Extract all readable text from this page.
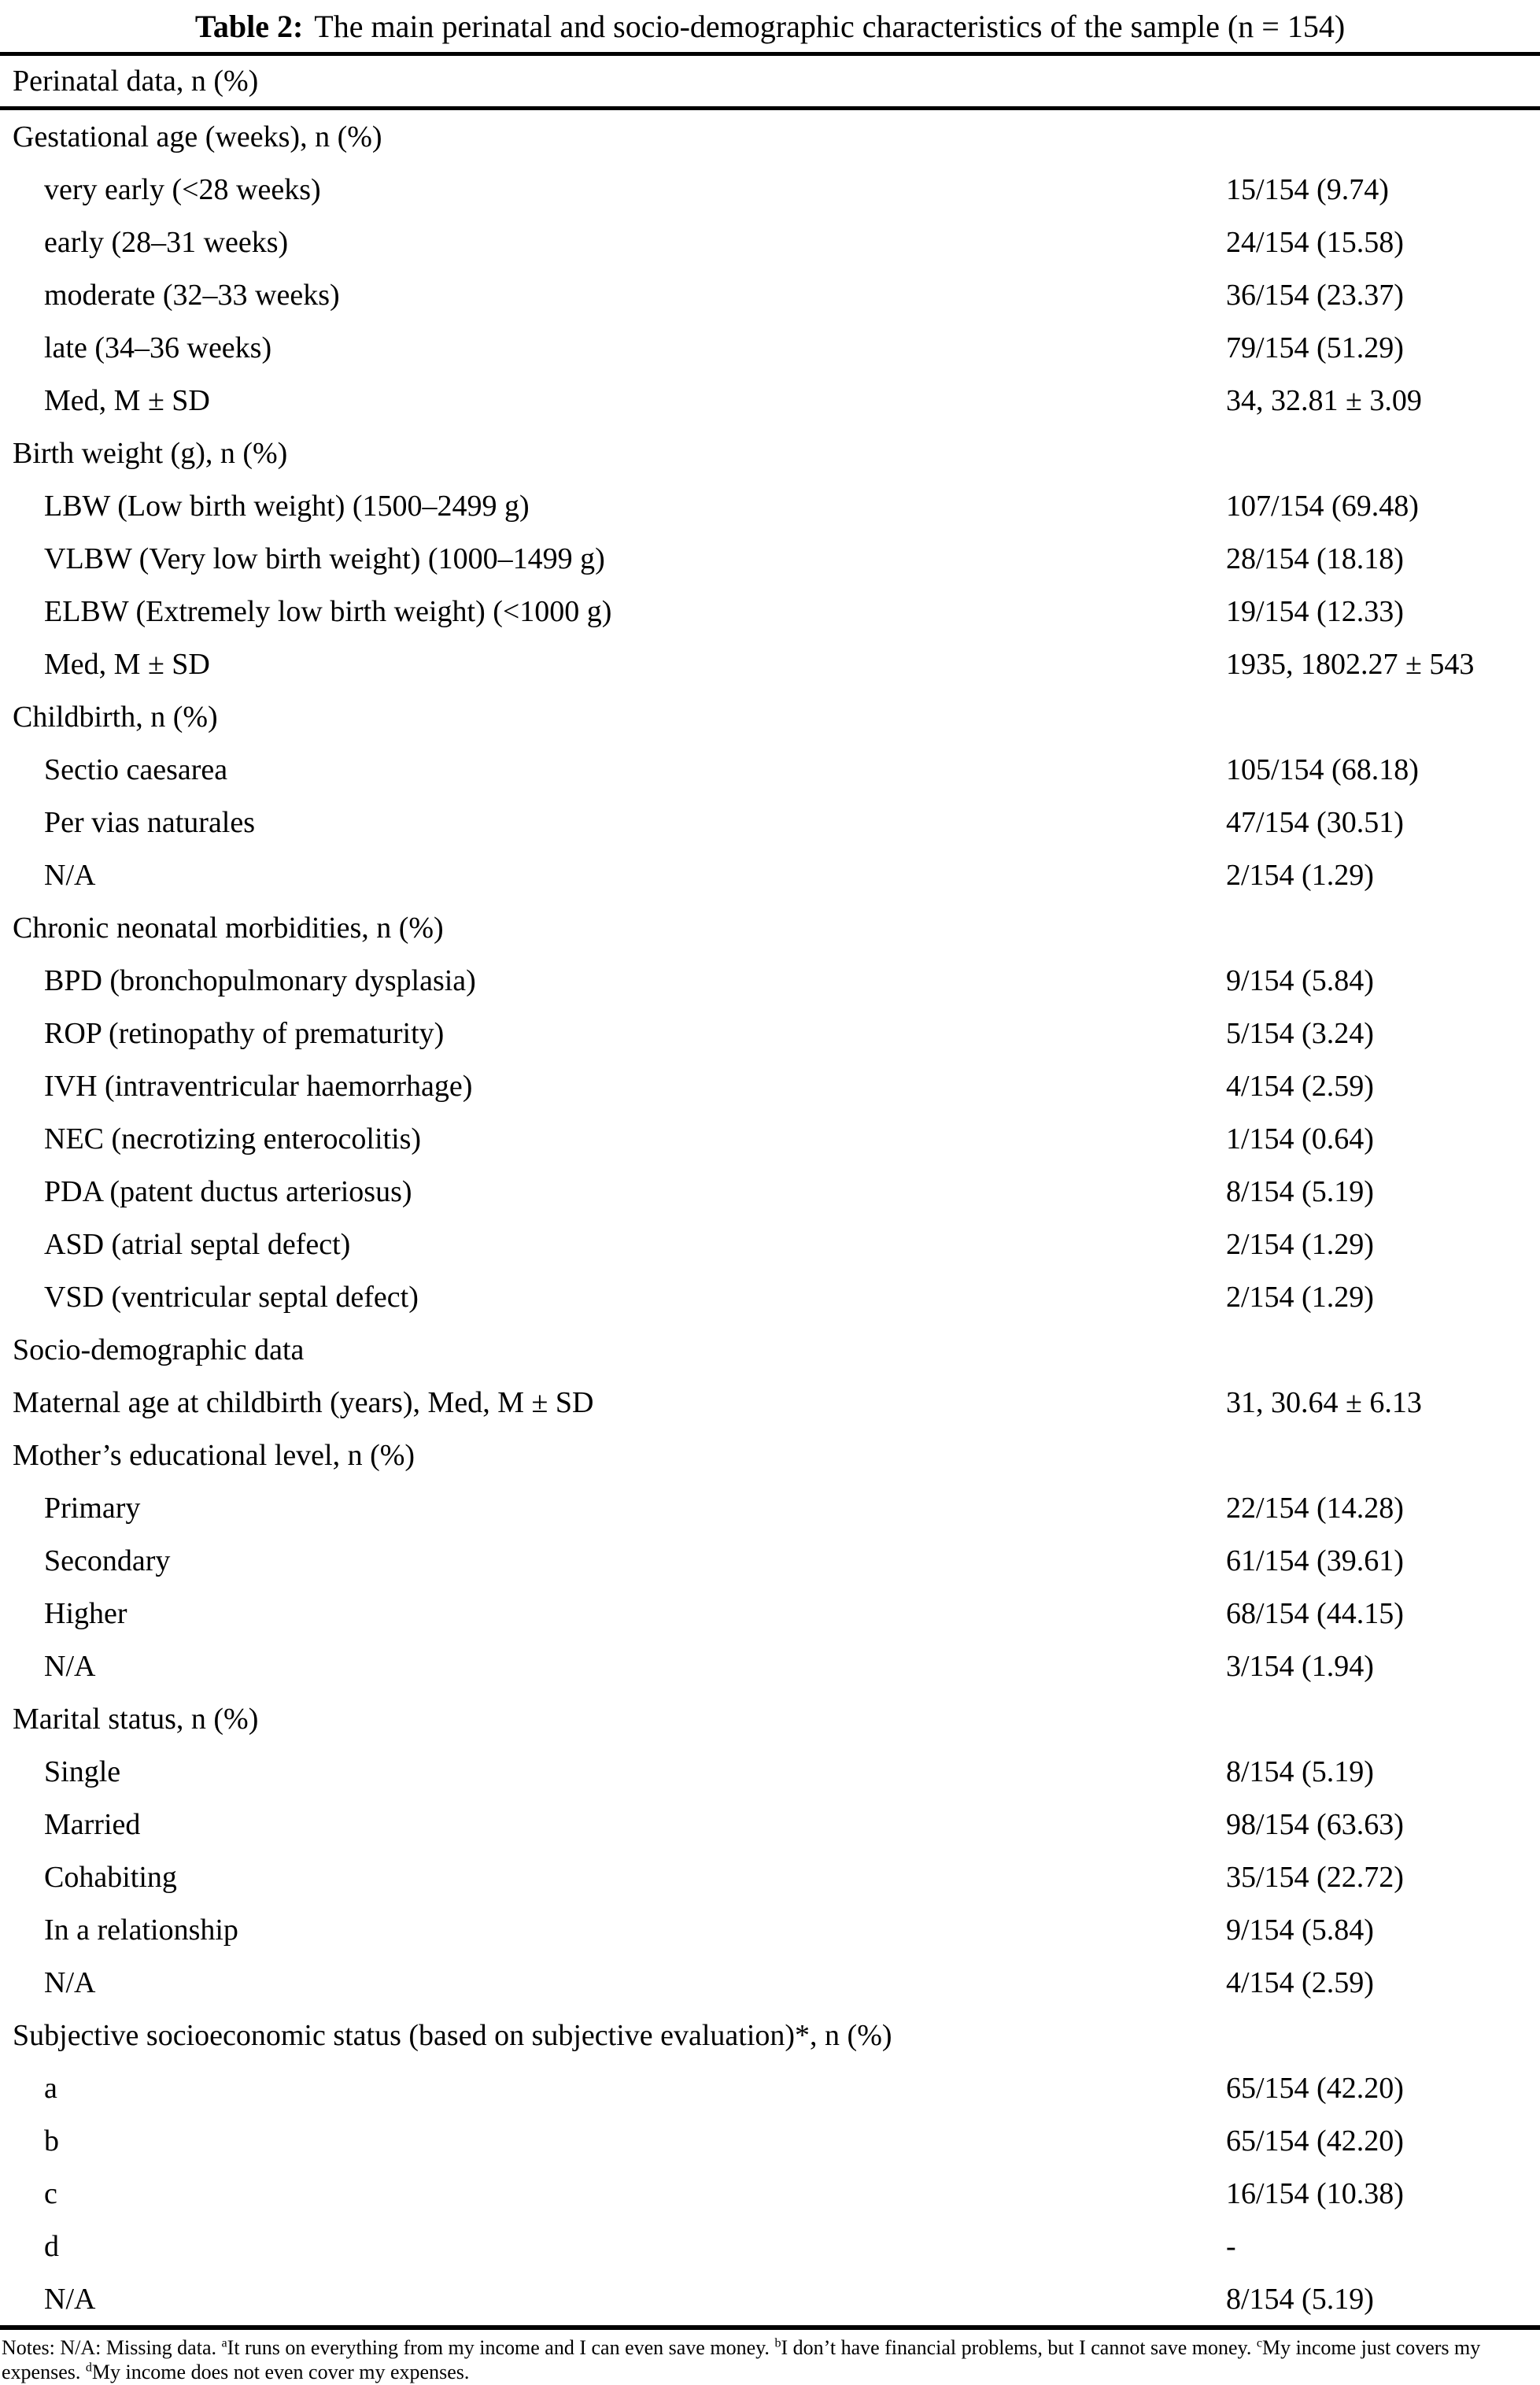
Table 2: The main perinatal and socio-demographic characteristics of the sample (n = 154)
Perinatal data, n (%)
Gestational age (weeks), n (%)
very early (<28 weeks)	15/154 (9.74)
early (28–31 weeks)	24/154 (15.58)
moderate (32–33 weeks)	36/154 (23.37)
late (34–36 weeks)	79/154 (51.29)
Med, M ± SD	34, 32.81 ± 3.09
Birth weight (g), n (%)
LBW (Low birth weight) (1500–2499 g)	107/154 (69.48)
VLBW (Very low birth weight) (1000–1499 g)	28/154 (18.18)
ELBW (Extremely low birth weight) (<1000 g)	19/154 (12.33)
Med, M ± SD	1935, 1802.27 ± 543
Childbirth, n (%)
Sectio caesarea	105/154 (68.18)
Per vias naturales	47/154 (30.51)
N/A	2/154 (1.29)
Chronic neonatal morbidities, n (%)
BPD (bronchopulmonary dysplasia)	9/154 (5.84)
ROP (retinopathy of prematurity)	5/154 (3.24)
IVH (intraventricular haemorrhage)	4/154 (2.59)
NEC (necrotizing enterocolitis)	1/154 (0.64)
PDA (patent ductus arteriosus)	8/154 (5.19)
ASD (atrial septal defect)	2/154 (1.29)
VSD (ventricular septal defect)	2/154 (1.29)
Socio-demographic data
Maternal age at childbirth (years), Med, M ± SD	31, 30.64 ± 6.13
Mother’s educational level, n (%)
Primary	22/154 (14.28)
Secondary	61/154 (39.61)
Higher	68/154 (44.15)
N/A	3/154 (1.94)
Marital status, n (%)
Single	8/154 (5.19)
Married	98/154 (63.63)
Cohabiting	35/154 (22.72)
In a relationship	9/154 (5.84)
N/A	4/154 (2.59)
Subjective socioeconomic status (based on subjective evaluation)*, n (%)
a	65/154 (42.20)
b	65/154 (42.20)
c	16/154 (10.38)
d	-
N/A	8/154 (5.19)
Notes: N/A: Missing data. $^a$It runs on everything from my income and I can even save money. $^b$I don’t have financial problems, but I cannot save money. $^c$My income just covers my expenses. $^d$My income does not even cover my expenses.
